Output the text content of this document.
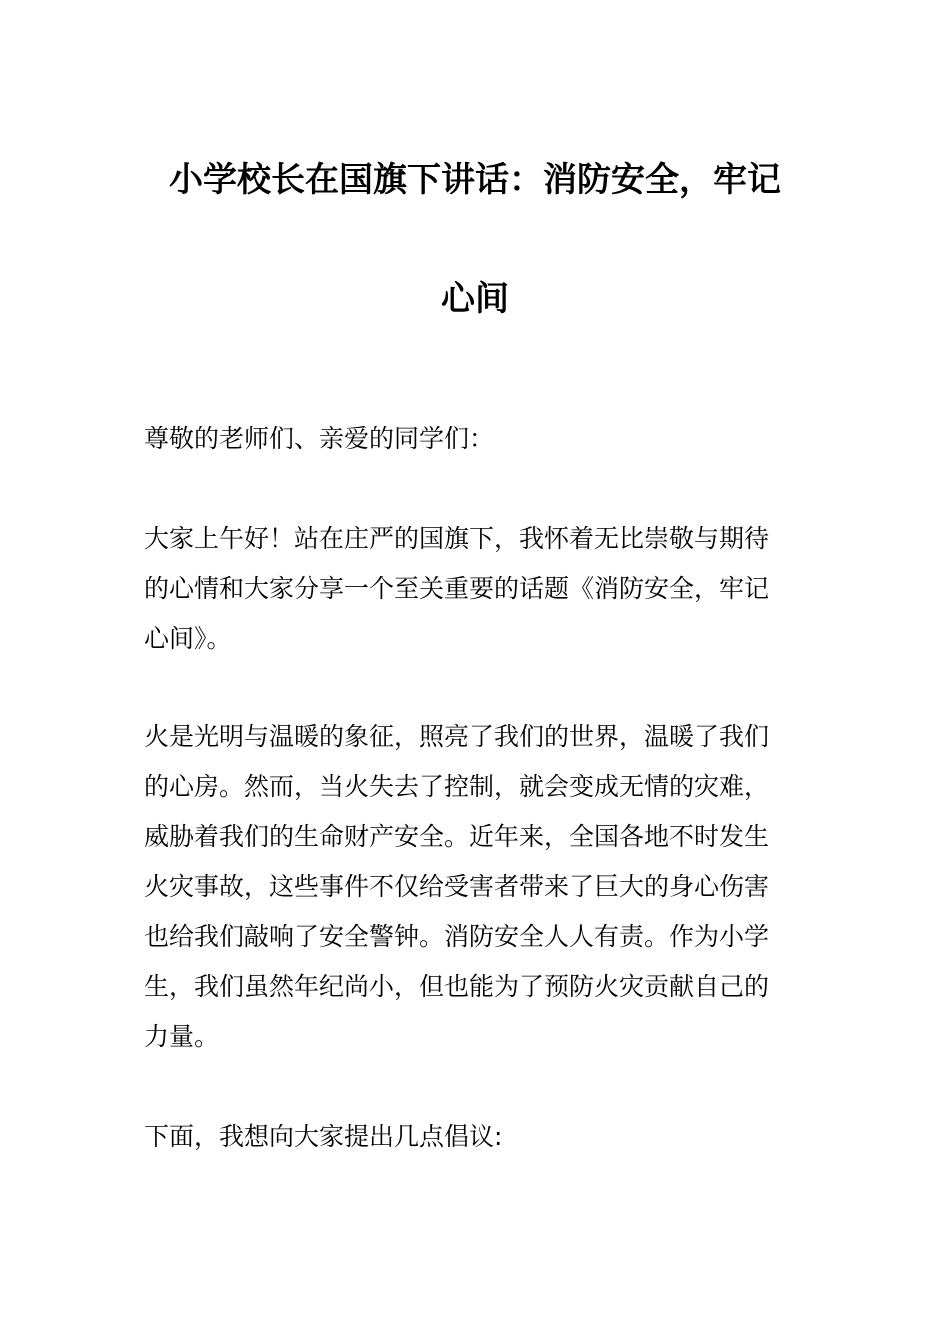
小学校长在国旗下讲话：消防安全，牢记
心间

尊敬的老师们、亲爱的同学们：

大家上午好！站在庄严的国旗下，我怀着无比崇敬与期待
的心情和大家分享一个至关重要的话题《消防安全，牢记
心间》。

火是光明与温暖的象征，照亮了我们的世界，温暖了我们
的心房。然而，当火失去了控制，就会变成无情的灾难，
威胁着我们的生命财产安全。近年来，全国各地不时发生
火灾事故，这些事件不仅给受害者带来了巨大的身心伤害
也给我们敲响了安全警钟。消防安全人人有责。作为小学
生，我们虽然年纪尚小，但也能为了预防火灾贡献自己的
力量。

下面，我想向大家提出几点倡议:
